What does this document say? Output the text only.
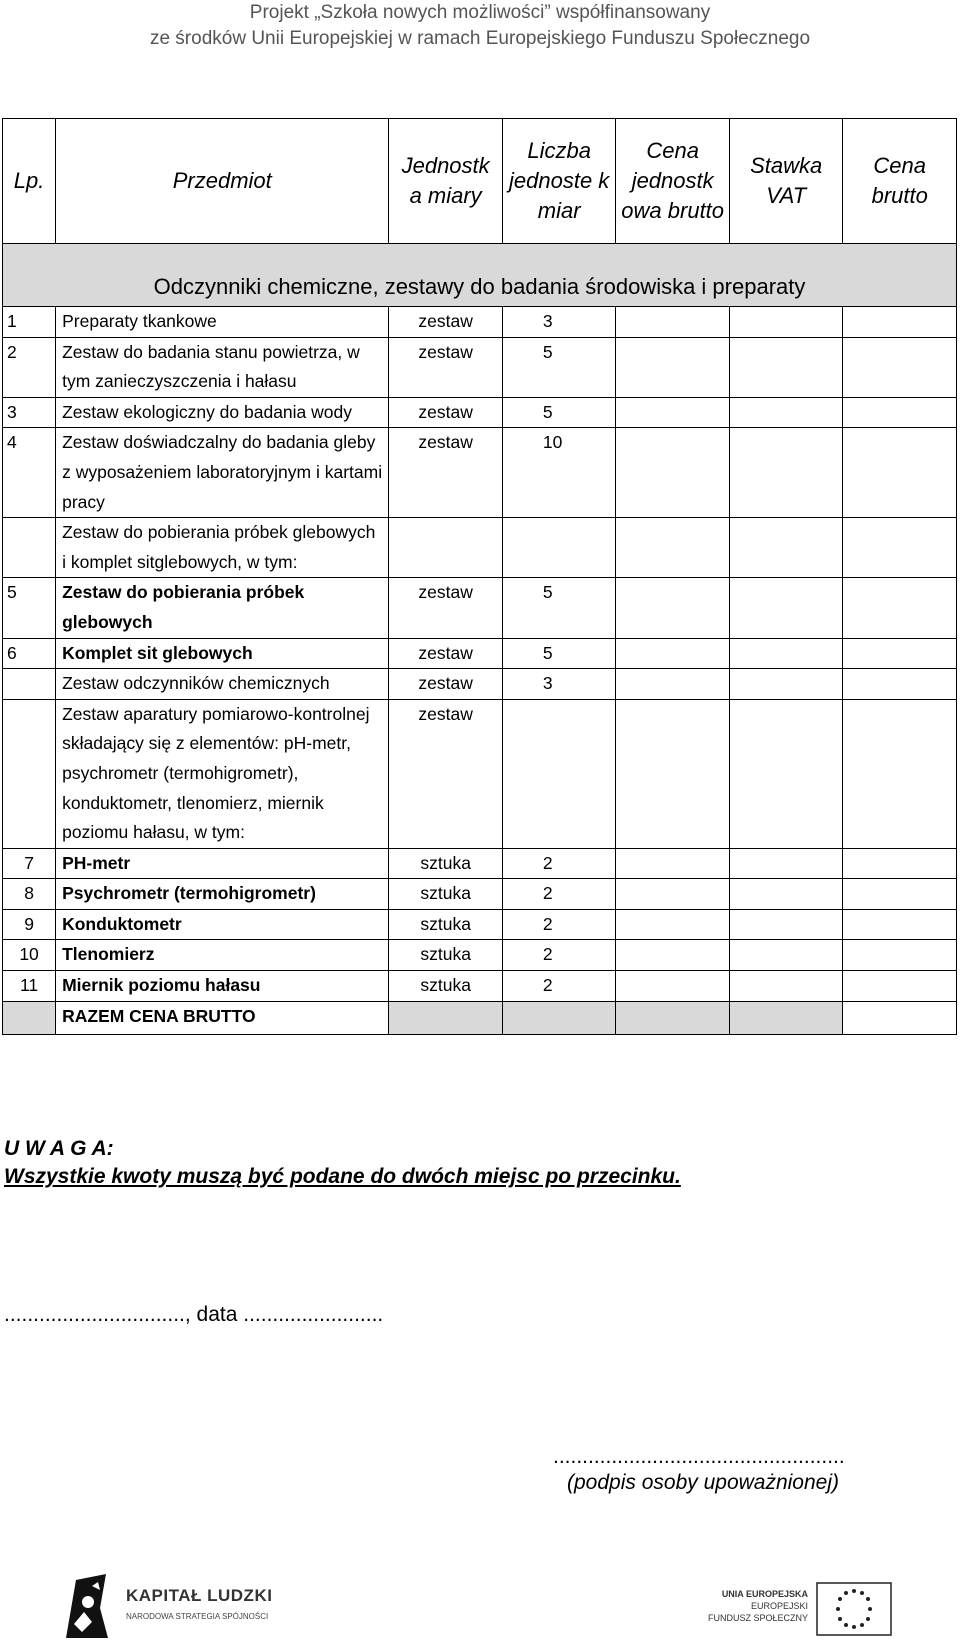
Projekt „Szkoła nowych możliwości” współfinansowany
ze środków Unii Europejskiej w ramach Europejskiego Funduszu Społecznego
Lp.	Przedmiot	Jednostk a miary	Liczba jednoste k miar	Cena jednostk owa brutto	Stawka VAT	Cena brutto
Odczynniki chemiczne, zestawy do badania środowiska i preparaty						
1	Preparaty tkankowe	zestaw	3			
2	Zestaw do badania stanu powietrza, w tym zanieczyszczenia i hałasu	zestaw	5			
3	Zestaw ekologiczny do badania wody	zestaw	5			
4	Zestaw doświadczalny do badania gleby z wyposażeniem laboratoryjnym i kartami pracy	zestaw	10			
	Zestaw do pobierania próbek glebowych i komplet sitglebowych, w tym:					
5	Zestaw do pobierania próbek glebowych	zestaw	5			
6	Komplet sit glebowych	zestaw	5			
	Zestaw odczynników chemicznych	zestaw	3			
	Zestaw aparatury pomiarowo-kontrolnej składający się z elementów: pH-metr, psychrometr (termohigrometr), konduktometr, tlenomierz, miernik poziomu hałasu, w tym:	zestaw				
7	PH-metr	sztuka	2			
8	Psychrometr (termohigrometr)	sztuka	2			
9	Konduktometr	sztuka	2			
10	Tlenomierz	sztuka	2			
11	Miernik poziomu hałasu	sztuka	2			
	RAZEM CENA BRUTTO					
U W A G A:
Wszystkie kwoty muszą być podane do dwóch miejsc po przecinku.
..............................., data ........................
..................................................
(podpis osoby upoważnionej)
KAPITAŁ LUDZKI
NARODOWA STRATEGIA SPÓJNOŚCI
UNIA EUROPEJSKA
EUROPEJSKI
FUNDUSZ SPOŁECZNY
